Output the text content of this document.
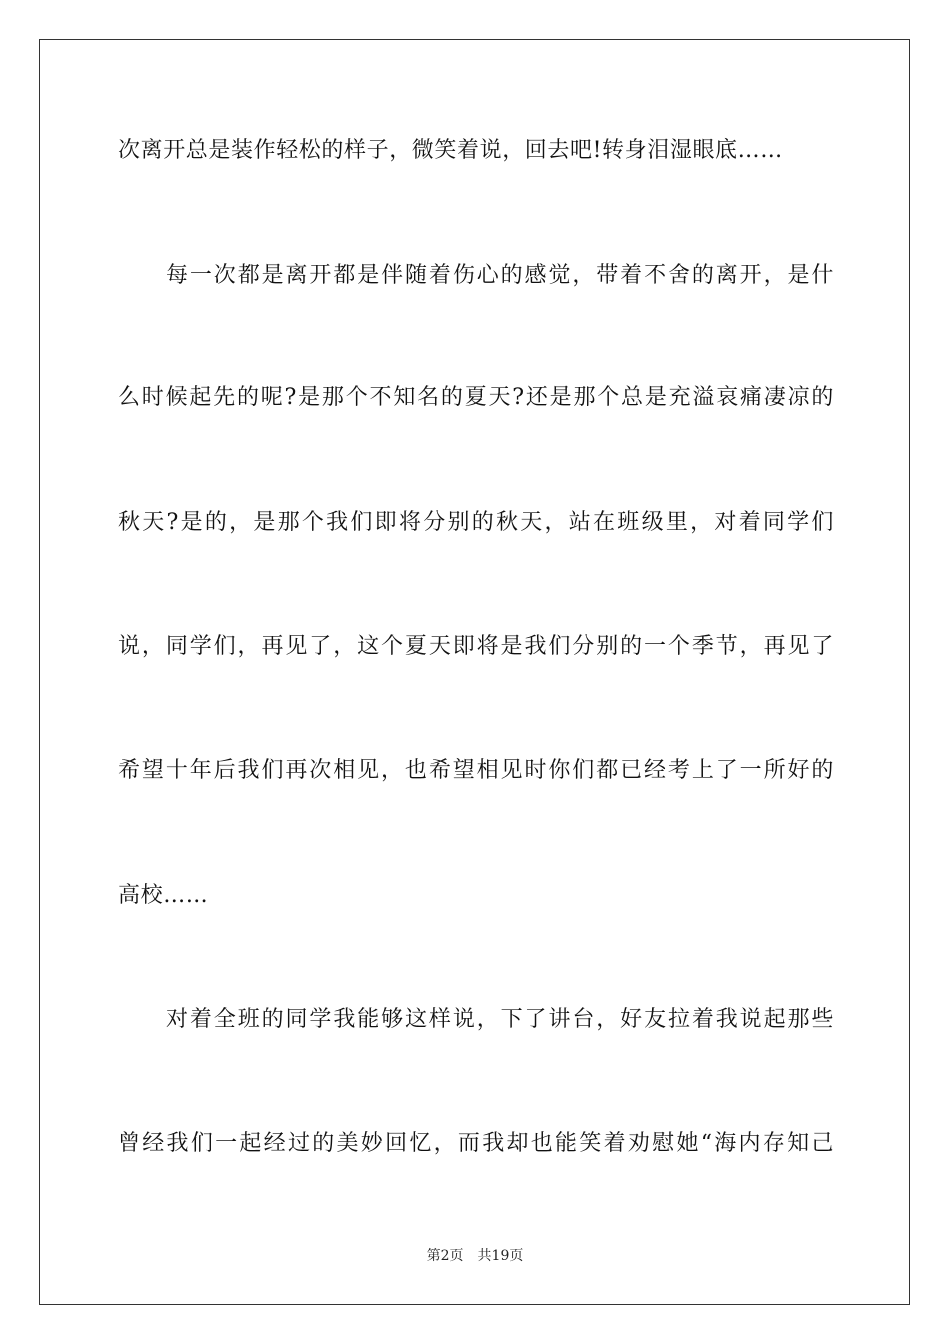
次离开总是装作轻松的样子，微笑着说，回去吧!转身泪湿眼底……
每一次都是离开都是伴随着伤心的感觉，带着不舍的离开，是什
么时候起先的呢?是那个不知名的夏天?还是那个总是充溢哀痛凄凉的
秋天?是的，是那个我们即将分别的秋天，站在班级里，对着同学们
说，同学们，再见了，这个夏天即将是我们分别的一个季节，再见了
希望十年后我们再次相见，也希望相见时你们都已经考上了一所好的
高校……
对着全班的同学我能够这样说，下了讲台，好友拉着我说起那些
曾经我们一起经过的美妙回忆，而我却也能笑着劝慰她“海内存知己
第2页 共19页
